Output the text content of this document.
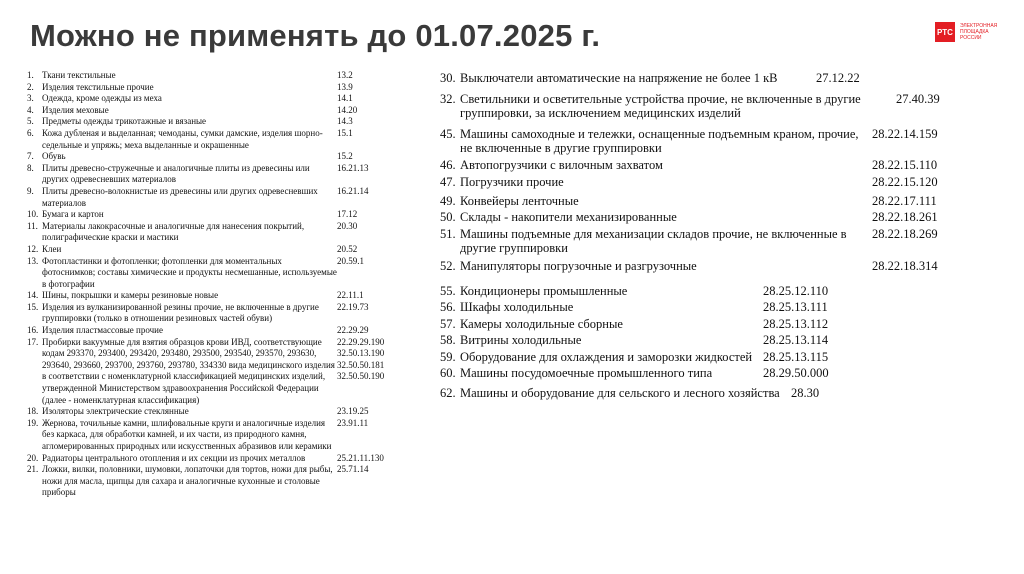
Можно не применять до 01.07.2025 г.	РТС
ЭЛЕКТРОННАЯ ПЛОЩАДКА РОССИИ
1. Ткани текстильные	13.2
2. Изделия текстильные прочие	13.9
3. Одежда, кроме одежды из меха	14.1
4. Изделия меховые	14.20
5. Предметы одежды трикотажные и вязаные	14.3
6. Кожа дубленая и выделанная; чемоданы, сумки дамские, изделия шорно-седельные и упряжь; меха выделанные и окрашенные
15.1
7. Обувь	15.2
8. Плиты древесно-стружечные и аналогичные плиты из древесины или других одревесневших материалов
16.21.13
9. Плиты древесно-волокнистые из древесины или других одревесневших материалов
16.21.14
10. Бумага и картон	17.12
11. Материалы лакокрасочные и аналогичные для нанесения покрытий, полиграфические краски и мастики
20.30
12. Клеи	20.52
13. Фотопластинки и фотопленки; фотопленки для моментальных фотоснимков; составы химические и продукты несмешанные, используемые в фотографии
20.59.1
14. Шины, покрышки и камеры резиновые новые	22.11.1
15. Изделия из вулканизированной резины прочие, не включенные в другие группировки (только в отношении резиновых частей обуви)
22.19.73
16. Изделия пластмассовые прочие	22.29.29
17. Пробирки вакуумные для взятия образцов крови ИВД, соответствующие кодам 293370, 293400, 293420, 293480, 293500, 293540, 293570, 293630, 293640, 293660, 293700, 293760, 293780, 334330 вида медицинского изделия в соответствии с номенклатурной классификацией медицинских изделий, утвержденной Министерством здравоохранения Российской Федерации (далее - номенклатурная классификация)
22.29.29.190
32.50.13.190
32.50.50.181
32.50.50.190
18. Изоляторы электрические стеклянные	23.19.25
19. Жернова, точильные камни, шлифовальные круги и аналогичные изделия без каркаса, для обработки камней, и их части, из природного камня, агломерированных природных или искусственных абразивов или керамики
23.91.11
20. Радиаторы центрального отопления и их секции из прочих металлов	25.21.11.130
21. Ложки, вилки, половники, шумовки, лопаточки для тортов, ножи для рыбы, ножи для масла, щипцы для сахара и аналогичные кухонные и столовые приборы
25.71.14
30. Выключатели автоматические на напряжение не более 1 кВ	27.12.22
32. Светильники и осветительные устройства прочие, не включенные в другие
группировки, за исключением медицинских изделий
27.40.39
45. Машины самоходные и тележки, оснащенные подъемным краном, прочие,
не включенные в другие группировки
28.22.14.159
46. Автопогрузчики с вилочным захватом	28.22.15.110
47. Погрузчики прочие	28.22.15.120
49. Конвейеры ленточные	28.22.17.111
50. Склады - накопители механизированные	28.22.18.261
51. Машины подъемные для механизации складов прочие, не включенные в
другие группировки
28.22.18.269
52. Манипуляторы погрузочные и разгрузочные	28.22.18.314
55. Кондиционеры промышленные	28.25.12.110
56. Шкафы холодильные	28.25.13.111
57. Камеры холодильные сборные	28.25.13.112
58. Витрины холодильные	28.25.13.114
59. Оборудование для охлаждения и заморозки жидкостей 28.25.13.115
60. Машины посудомоечные промышленного типа	28.29.50.000
62. Машины и оборудование для сельского и лесного хозяйства 28.30
